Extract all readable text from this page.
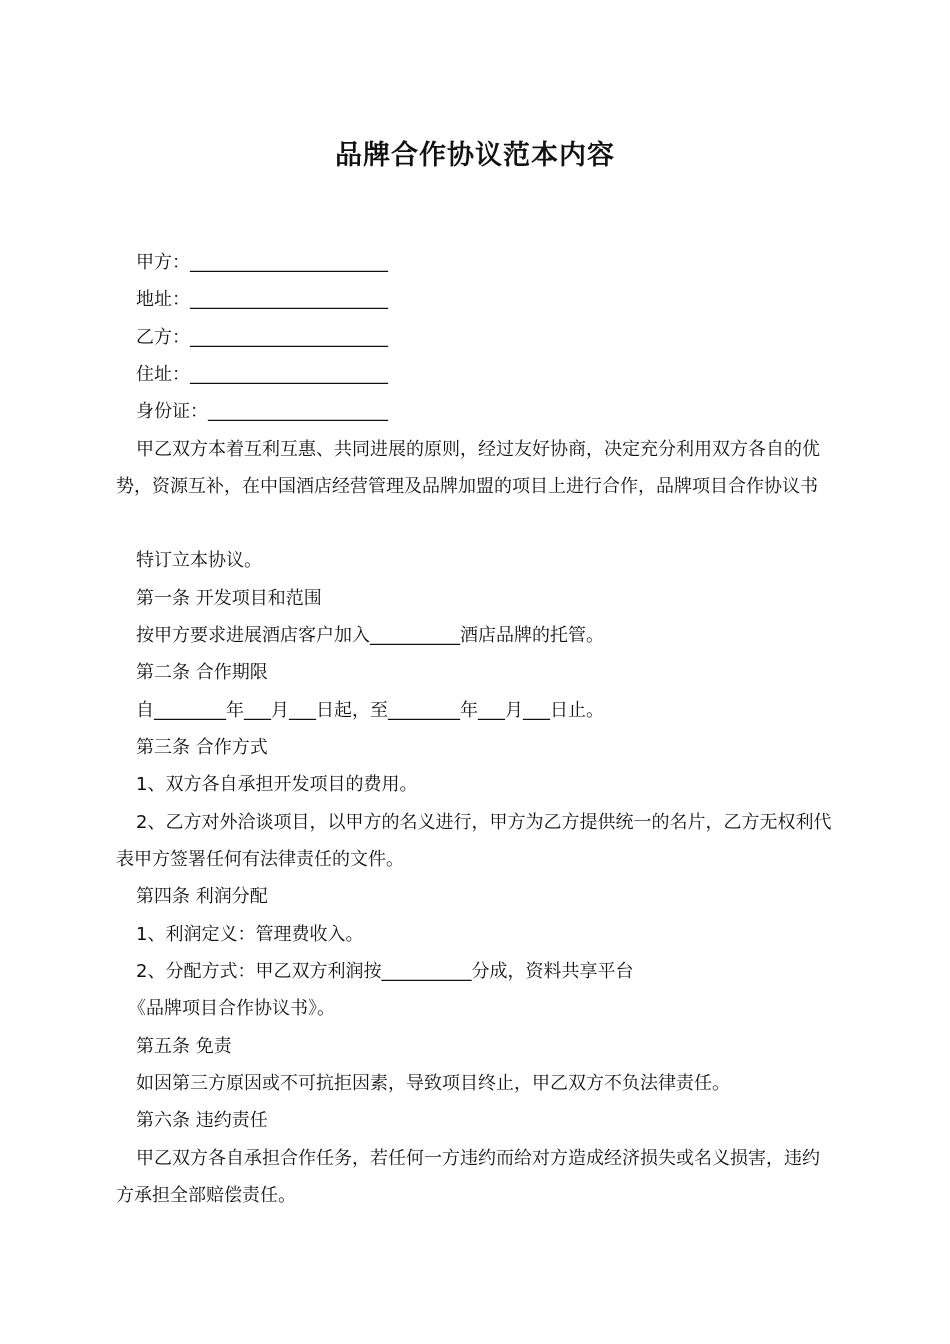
品牌合作协议范本内容
甲方：______________________
地址：______________________
乙方：______________________
住址：______________________
身份证：____________________
甲乙双方本着互利互惠、共同进展的原则，经过友好协商，决定充分利用双方各自的优势，资源互补，在中国酒店经营管理及品牌加盟的项目上进行合作，品牌项目合作协议书
特订立本协议。
第一条 开发项目和范围
按甲方要求进展酒店客户加入__________酒店品牌的托管。
第二条 合作期限
自________年___月___日起，至________年___月___日止。
第三条 合作方式
1、双方各自承担开发项目的费用。
2、乙方对外洽谈项目，以甲方的名义进行，甲方为乙方提供统一的名片，乙方无权利代表甲方签署任何有法律责任的文件。
第四条 利润分配
1、利润定义：管理费收入。
2、分配方式：甲乙双方利润按__________分成，资料共享平台
《品牌项目合作协议书》。
第五条 免责
如因第三方原因或不可抗拒因素，导致项目终止，甲乙双方不负法律责任。
第六条 违约责任
甲乙双方各自承担合作任务，若任何一方违约而给对方造成经济损失或名义损害，违约方承担全部赔偿责任。
